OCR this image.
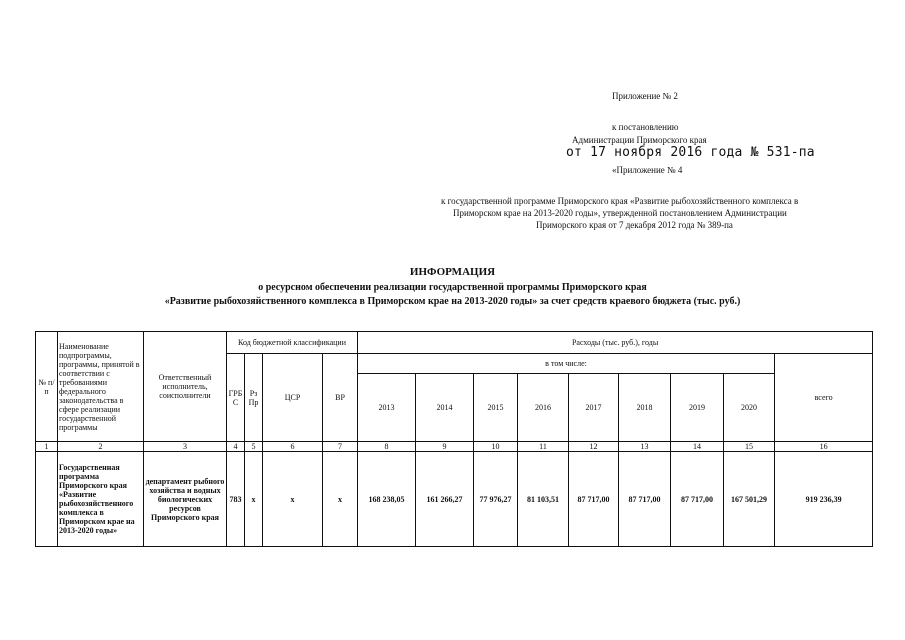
Приложение № 2
к постановлению
Администрации Приморского края
от 17 ноября 2016 года № 531-па
«Приложение № 4
к государственной программе Приморского края «Развитие рыбохозяйственного комплекса в
Приморском крае на 2013-2020 годы», утвержденной постановлением Администрации
Приморского края от 7 декабря 2012 года № 389-па
ИНФОРМАЦИЯ
о ресурсном обеспечении реализации государственной программы Приморского края
«Развитие рыбохозяйственного комплекса в Приморском крае на 2013-2020 годы» за счет средств краевого бюджета (тыс. руб.)
№ п/п	Наименование подпрограммы, программы, принятой в соответствии с требованиями федерального законодательства в сфере реализации государственной программы	Ответственный исполнитель, соисполнители	Код бюджетной классификации				Расходы (тыс. руб.), годы								
			ГРБ С	Рз Пр	ЦСР	ВР	в том числе:								всего
							2013	2014	2015	2016	2017	2018	2019	2020	
1	2	3	4	5	6	7	8	9	10	11	12	13	14	15	16
	Государственная программа Приморского края «Развитие рыбохозяйственного комплекса в Приморском крае на 2013-2020 годы»	департамент рыбного хозяйства и водных биологических ресурсов Приморского края	783	х	х	х	168 238,05	161 266,27	77 976,27	81 103,51	87 717,00	87 717,00	87 717,00	167 501,29	919 236,39
